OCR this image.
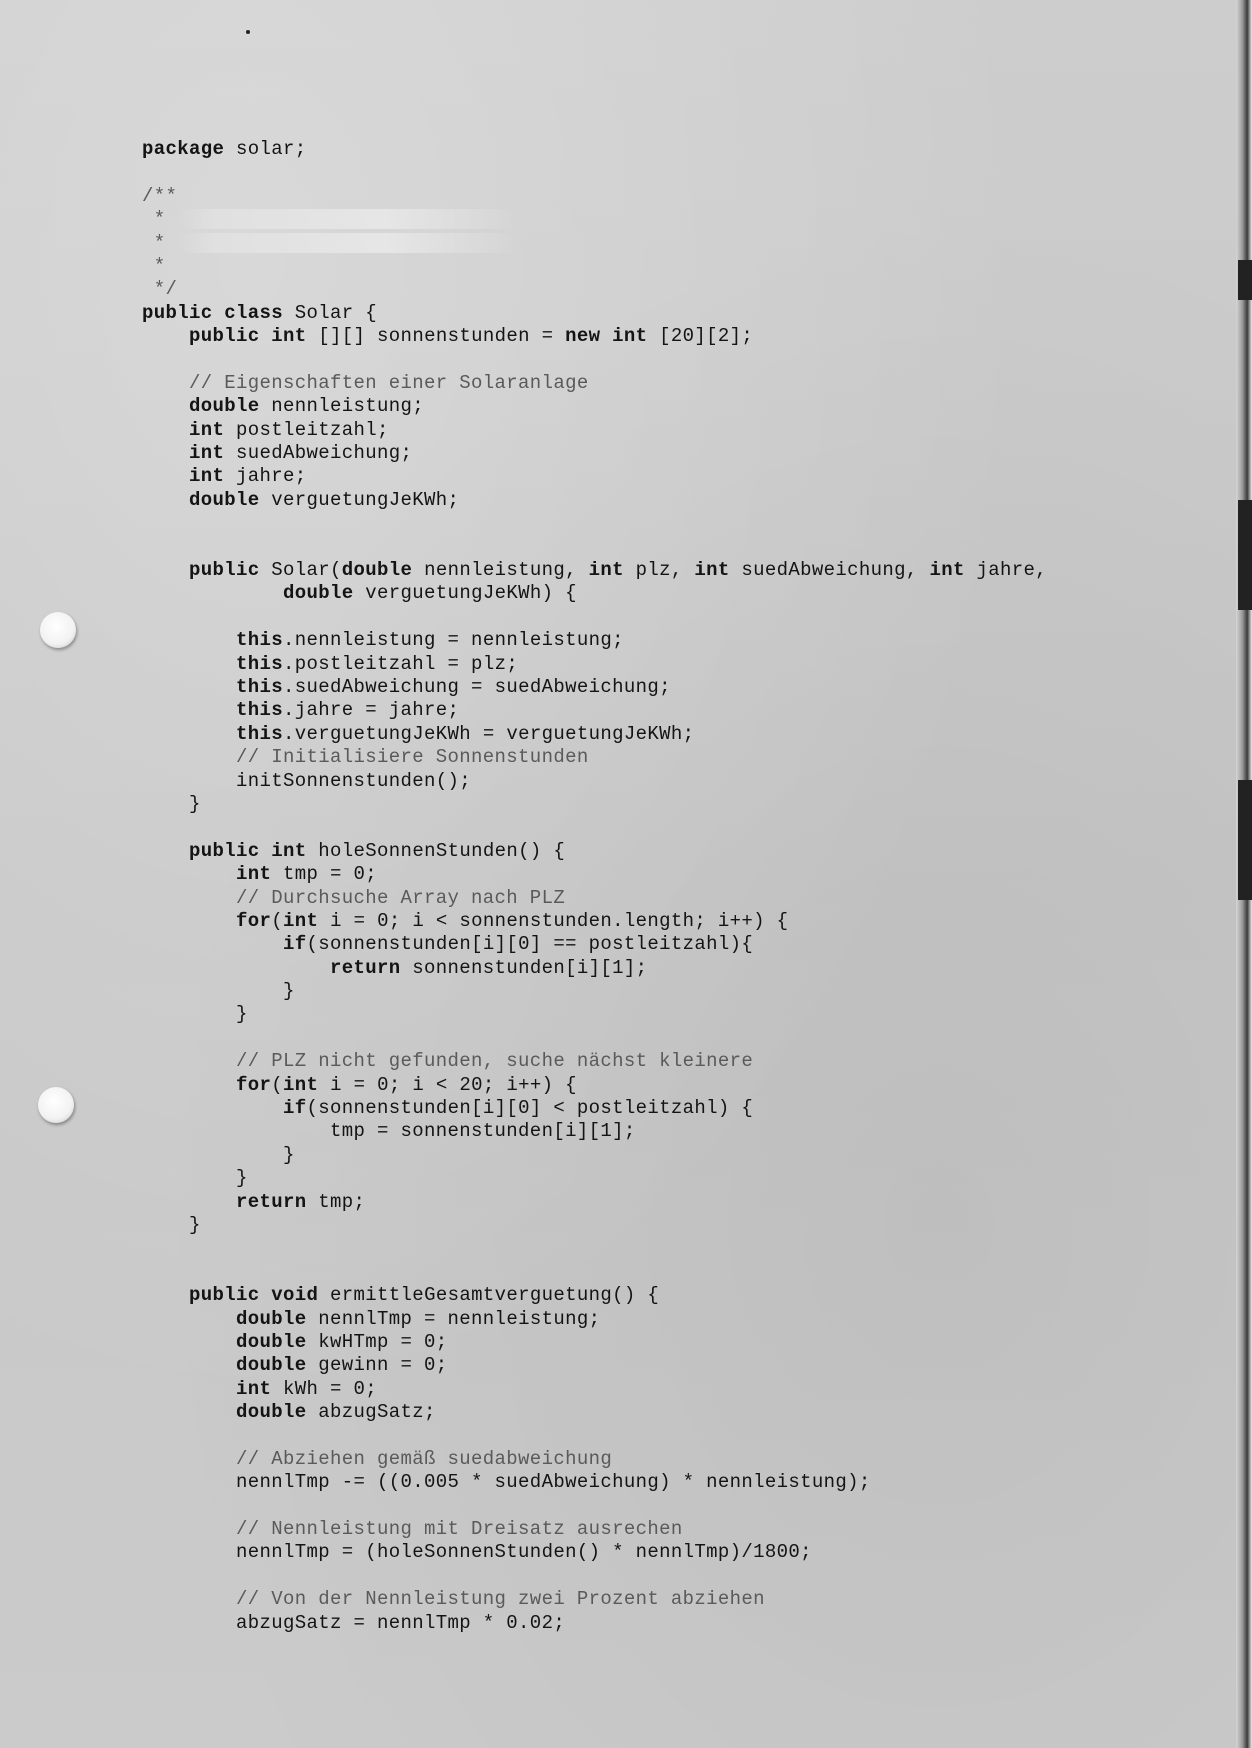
package solar;
/**
*
*
*
*/
public class Solar {
public int [][] sonnenstunden = new int [20][2];
// Eigenschaften einer Solaranlage
double nennleistung;
int postleitzahl;
int suedAbweichung;
int jahre;
double verguetungJeKWh;
public Solar(double nennleistung, int plz, int suedAbweichung, int jahre,
double verguetungJeKWh) {
this.nennleistung = nennleistung;
this.postleitzahl = plz;
this.suedAbweichung = suedAbweichung;
this.jahre = jahre;
this.verguetungJeKWh = verguetungJeKWh;
// Initialisiere Sonnenstunden
initSonnenstunden();
}
public int holeSonnenStunden() {
int tmp = 0;
// Durchsuche Array nach PLZ
for(int i = 0; i < sonnenstunden.length; i++) {
if(sonnenstunden[i][0] == postleitzahl){
return sonnenstunden[i][1];
}
}
// PLZ nicht gefunden, suche nächst kleinere
for(int i = 0; i < 20; i++) {
if(sonnenstunden[i][0] < postleitzahl) {
tmp = sonnenstunden[i][1];
}
}
return tmp;
}
public void ermittleGesamtverguetung() {
double nennlTmp = nennleistung;
double kwHTmp = 0;
double gewinn = 0;
int kWh = 0;
double abzugSatz;
// Abziehen gemäß suedabweichung
nennlTmp -= ((0.005 * suedAbweichung) * nennleistung);
// Nennleistung mit Dreisatz ausrechen
nennlTmp = (holeSonnenStunden() * nennlTmp)/1800;
// Von der Nennleistung zwei Prozent abziehen
abzugSatz = nennlTmp * 0.02;
